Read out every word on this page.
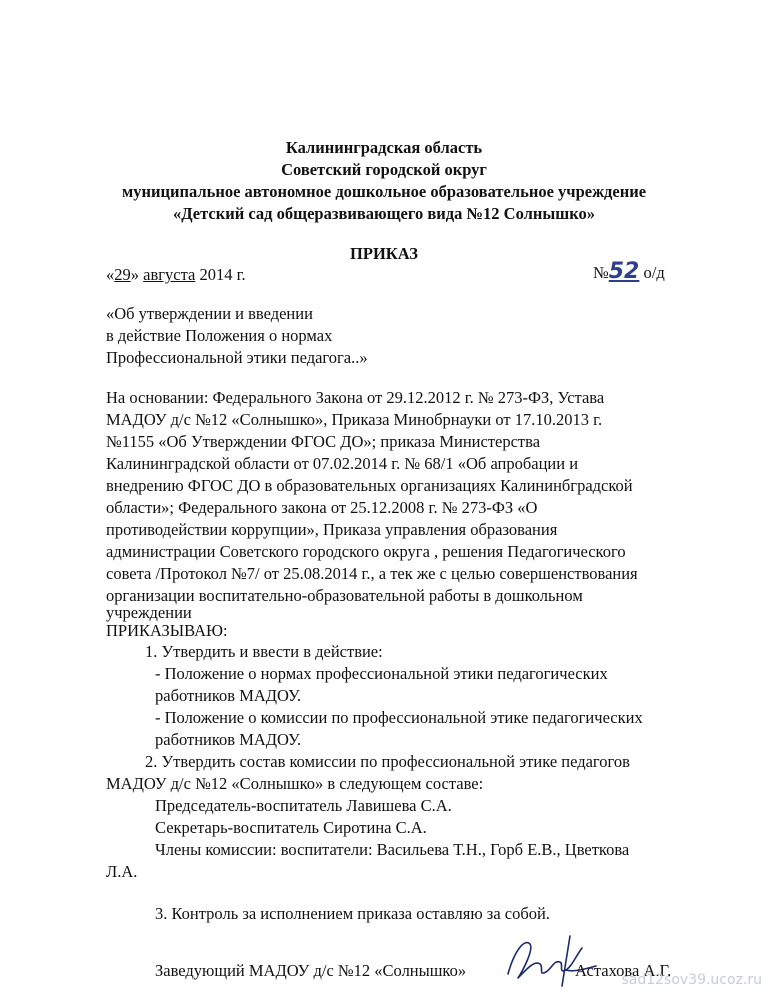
Калининградская область
Советский городской округ
муниципальное автономное дошкольное образовательное учреждение
«Детский сад общеразвивающего вида №12 Солнышко»
ПРИКАЗ
«29» августа 2014 г.	№52 о/д
«Об утверждении и введении
в действие Положения о нормах
Профессиональной этики педагога..»
На основании: Федерального Закона от 29.12.2012 г. № 273-ФЗ, Устава
МАДОУ д/с №12 «Солнышко», Приказа Минобрнауки от 17.10.2013 г.
№1155 «Об Утверждении ФГОС ДО»; приказа Министерства
Калининградской области от 07.02.2014 г. № 68/1 «Об апробации и
внедрению ФГОС ДО в образовательных организациях Калининбградской
области»; Федерального закона от 25.12.2008 г. № 273-ФЗ «О
противодействии коррупции», Приказа управления образования
администрации Советского городского округа , решения Педагогического
совета /Протокол №7/ от 25.08.2014 г., а тек же с целью совершенствования
организации воспитательно-образовательной работы в дошкольном
учреждении
ПРИКАЗЫВАЮ:
1. Утвердить и ввести в действие:
- Положение о нормах профессиональной этики педагогических
работников МАДОУ.
- Положение о комиссии по профессиональной этике педагогических
работников МАДОУ.
2. Утвердить состав комиссии по профессиональной этике педагогов
МАДОУ д/с №12 «Солнышко» в следующем составе:
Председатель-воспитатель Лавишева С.А.
Секретарь-воспитатель Сиротина С.А.
Члены комиссии: воспитатели: Васильева Т.Н., Горб Е.В., Цветкова
Л.А.
3. Контроль за исполнением приказа оставляю за собой.
Заведующий МАДОУ д/с №12 «Солнышко»	Астахова А.Г.
sad12sov39.ucoz.ru
